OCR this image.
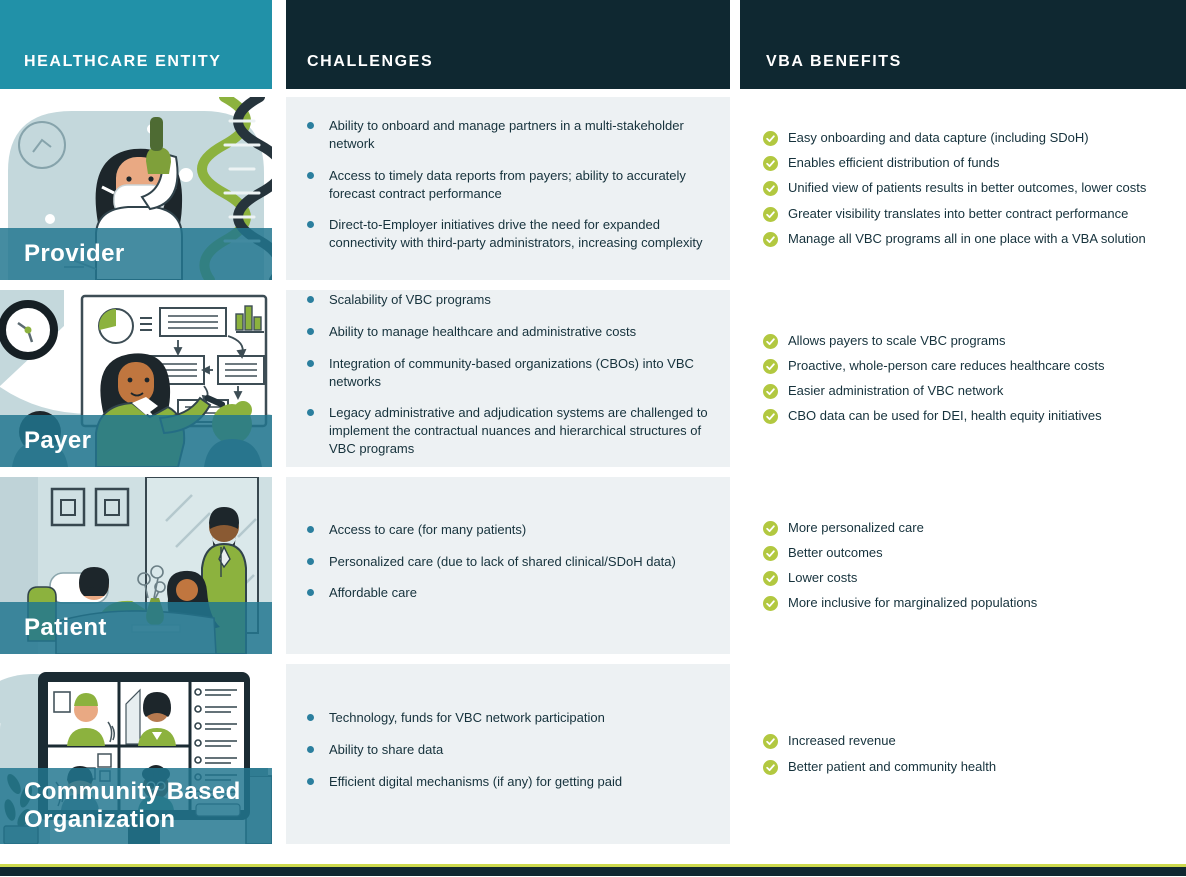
HEALTHCARE ENTITY	CHALLENGES	VBA BENEFITS
Provider
Ability to onboard and manage partners in a multi-stakeholder network
Access to timely data reports from payers; ability to accurately forecast contract performance
Direct-to-Employer initiatives drive the need for expanded connectivity with third-party administrators, increasing complexity
Easy onboarding and data capture (including SDoH)
Enables efficient distribution of funds
Unified view of patients results in better outcomes, lower costs
Greater visibility translates into better contract performance
Manage all VBC programs all in one place with a VBA solution
Payer
Scalability of VBC programs
Ability to manage healthcare and administrative costs
Integration of community-based organizations (CBOs) into VBC networks
Legacy administrative and adjudication systems are challenged to implement the contractual nuances and hierarchical structures of VBC programs
Allows payers to scale VBC programs
Proactive, whole-person care reduces healthcare costs
Easier administration of VBC network
CBO data can be used for DEI, health equity initiatives
Patient
Access to care (for many patients)
Personalized care (due to lack of shared clinical/SDoH data)
Affordable care
More personalized care
Better outcomes
Lower costs
More inclusive for marginalized populations
Community Based Organization
Technology, funds for VBC network participation
Ability to share data
Efficient digital mechanisms (if any) for getting paid
Increased revenue
Better patient and community health
